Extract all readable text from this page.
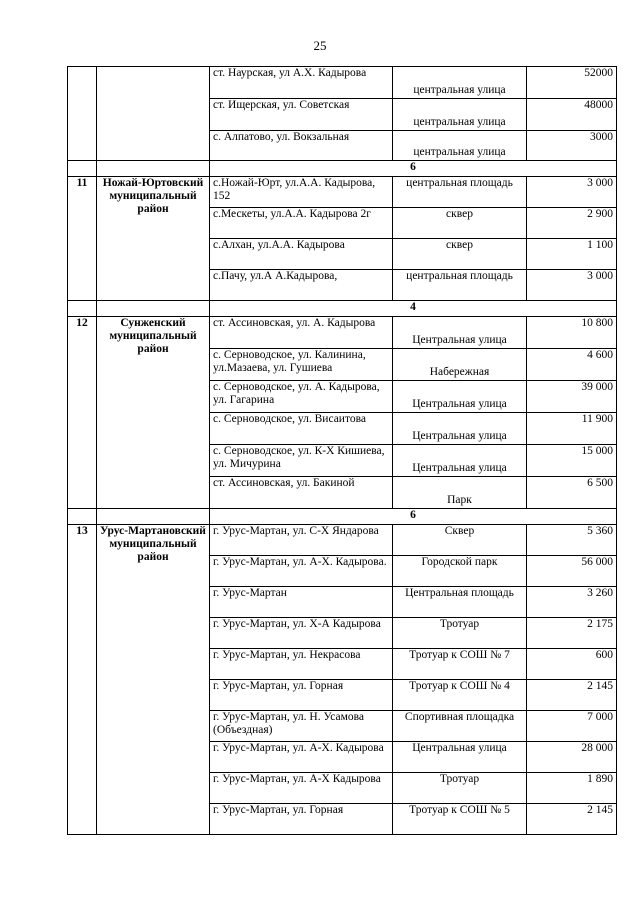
25
		ст. Наурская, ул А.Х. Кадырова	центральная улица	52000
		ст. Ищерская, ул. Советская	центральная улица	48000
		с. Алпатово, ул. Вокзальная	центральная улица	3000
		6		
11	Ножай-Юртовский муниципальный район	с.Ножай-Юрт, ул.А.А. Кадырова, 152	центральная площадь	3 000
		с.Мескеты, ул.А.А. Кадырова 2г	сквер	2 900
		с.Алхан, ул.А.А. Кадырова	сквер	1 100
		с.Пачу, ул.А А.Кадырова,	центральная площадь	3 000
		4		
12	Сунженский муниципальный район	ст. Ассиновская, ул. А. Кадырова	Центральная улица	10 800
		с. Серноводское, ул. Калинина, ул.Мазаева, ул. Гушиева	Набережная	4 600
		с. Серноводское, ул. А. Кадырова, ул. Гагарина	Центральная улица	39 000
		с. Серноводское, ул. Висаитова	Центральная улица	11 900
		с. Серноводское, ул. К-Х Кишиева, ул. Мичурина	Центральная улица	15 000
		ст. Ассиновская, ул. Бакиной	Парк	6 500
		6		
13	Урус-Мартановский муниципальный район	г. Урус-Мартан, ул. С-Х Яндарова	Сквер	5 360
		г. Урус-Мартан, ул. А-Х. Кадырова.	Городской парк	56 000
		г. Урус-Мартан	Центральная площадь	3 260
		г. Урус-Мартан, ул. Х-А Кадырова	Тротуар	2 175
		г. Урус-Мартан, ул. Некрасова	Тротуар к СОШ № 7	600
		г. Урус-Мартан, ул. Горная	Тротуар к СОШ № 4	2 145
		г. Урус-Мартан, ул. Н. Усамова (Объездная)	Спортивная площадка	7 000
		г. Урус-Мартан, ул. А-Х. Кадырова	Центральная улица	28 000
		г. Урус-Мартан, ул. А-Х Кадырова	Тротуар	1 890
		г. Урус-Мартан, ул. Горная	Тротуар к СОШ № 5	2 145
